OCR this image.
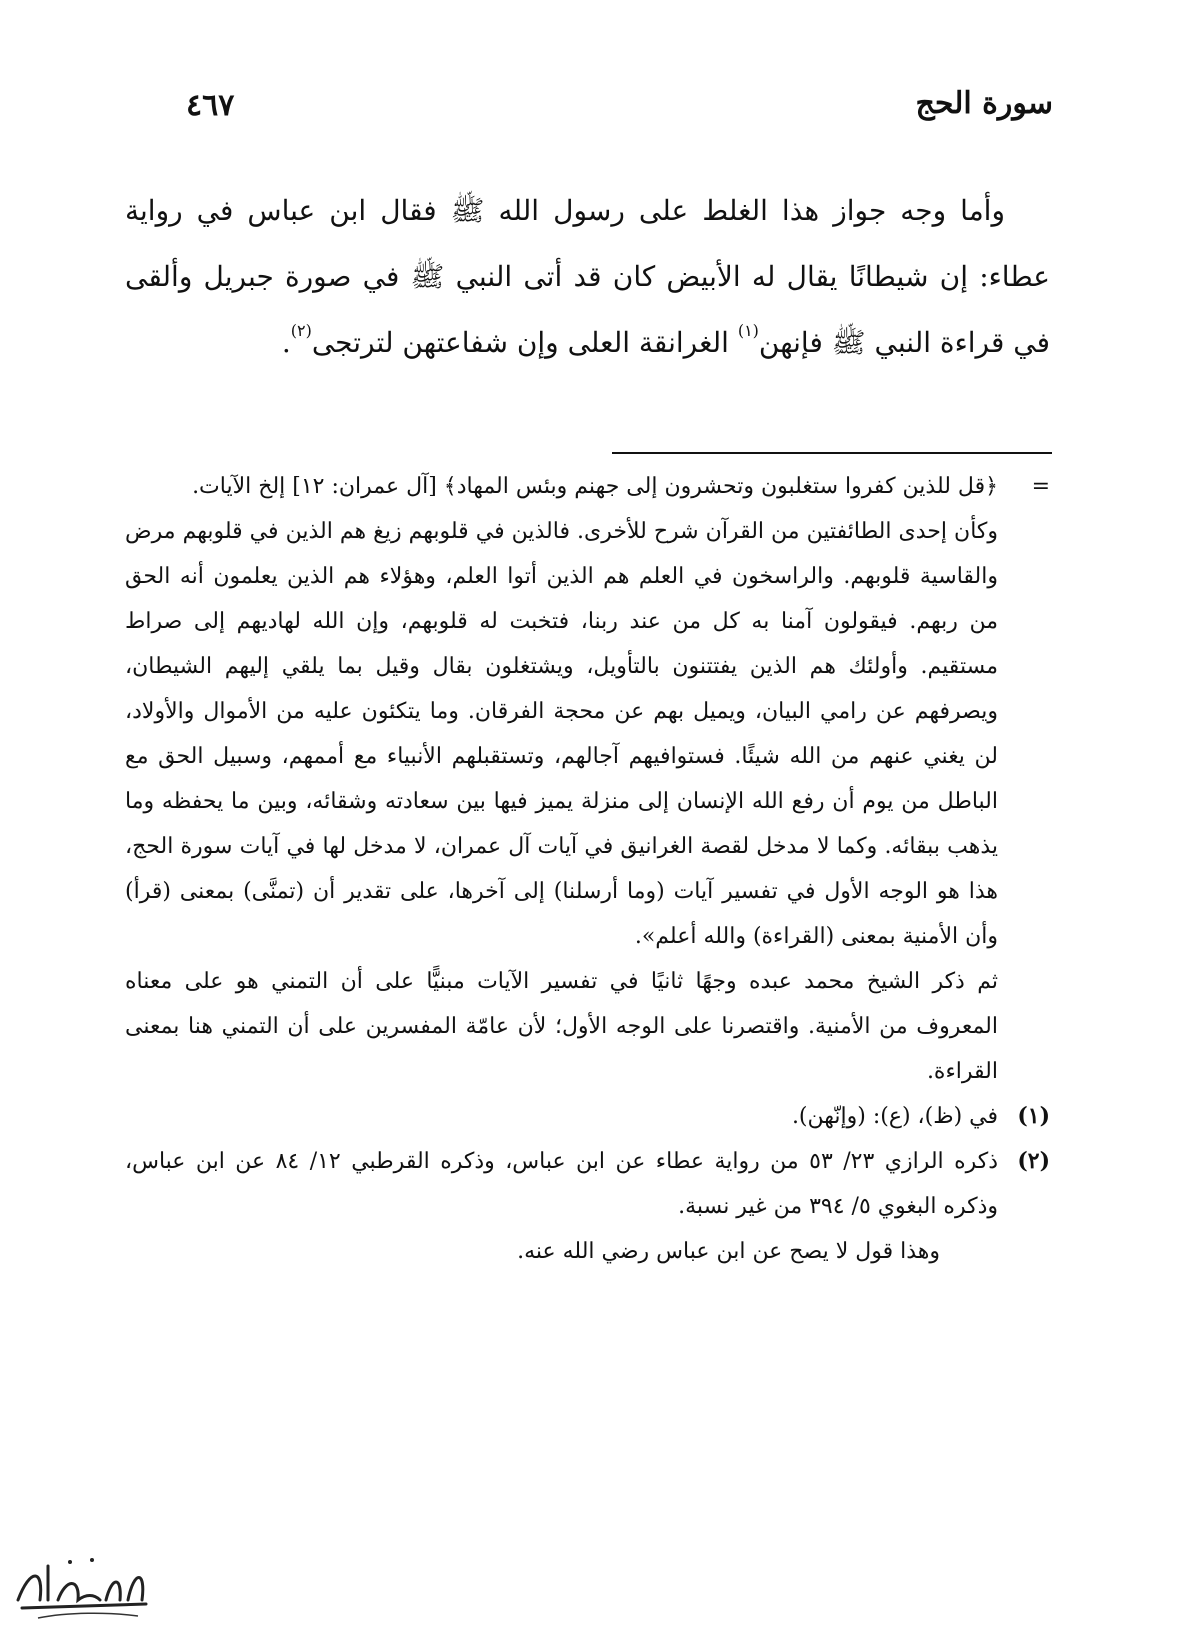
سورة الحج
٤٦٧

وأما وجه جواز هذا الغلط على رسول الله ﷺ فقال ابن عباس في رواية عطاء: إن شيطانًا يقال له الأبيض كان قد أتى النبي ﷺ في صورة جبريل وألقى في قراءة النبي ﷺ فإنهن$^{(١)}$ الغرانقة العلى وإن شفاعتهن لترتجى$^{(٢)}$.

=
﴿قل للذين كفروا ستغلبون وتحشرون إلى جهنم وبئس المهاد﴾ [آل عمران: ١٢] إلخ الآيات.

وكأن إحدى الطائفتين من القرآن شرح للأخرى. فالذين في قلوبهم زيغ هم الذين في قلوبهم مرض والقاسية قلوبهم. والراسخون في العلم هم الذين أتوا العلم، وهؤلاء هم الذين يعلمون أنه الحق من ربهم. فيقولون آمنا به كل من عند ربنا، فتخبت له قلوبهم، وإن الله لهاديهم إلى صراط مستقيم. وأولئك هم الذين يفتتنون بالتأويل، ويشتغلون بقال وقيل بما يلقي إليهم الشيطان، ويصرفهم عن رامي البيان، ويميل بهم عن محجة الفرقان. وما يتكئون عليه من الأموال والأولاد، لن يغني عنهم من الله شيئًا. فستوافيهم آجالهم، وتستقبلهم الأنبياء مع أممهم، وسبيل الحق مع الباطل من يوم أن رفع الله الإنسان إلى منزلة يميز فيها بين سعادته وشقائه، وبين ما يحفظه وما يذهب ببقائه. وكما لا مدخل لقصة الغرانيق في آيات آل عمران، لا مدخل لها في آيات سورة الحج، هذا هو الوجه الأول في تفسير آيات (وما أرسلنا) إلى آخرها، على تقدير أن (تمنَّى) بمعنى (قرأ) وأن الأمنية بمعنى (القراءة) والله أعلم».

ثم ذكر الشيخ محمد عبده وجهًا ثانيًا في تفسير الآيات مبنيًّا على أن التمني هو على معناه المعروف من الأمنية. واقتصرنا على الوجه الأول؛ لأن عامّة المفسرين على أن التمني هنا بمعنى القراءة.

(١)
في (ظ)، (ع): (وإنّهن).

(٢)
ذكره الرازي ٢٣/ ٥٣ من رواية عطاء عن ابن عباس، وذكره القرطبي ١٢/ ٨٤ عن ابن عباس، وذكره البغوي ٥/ ٣٩٤ من غير نسبة.

وهذا قول لا يصح عن ابن عباس رضي الله عنه.
